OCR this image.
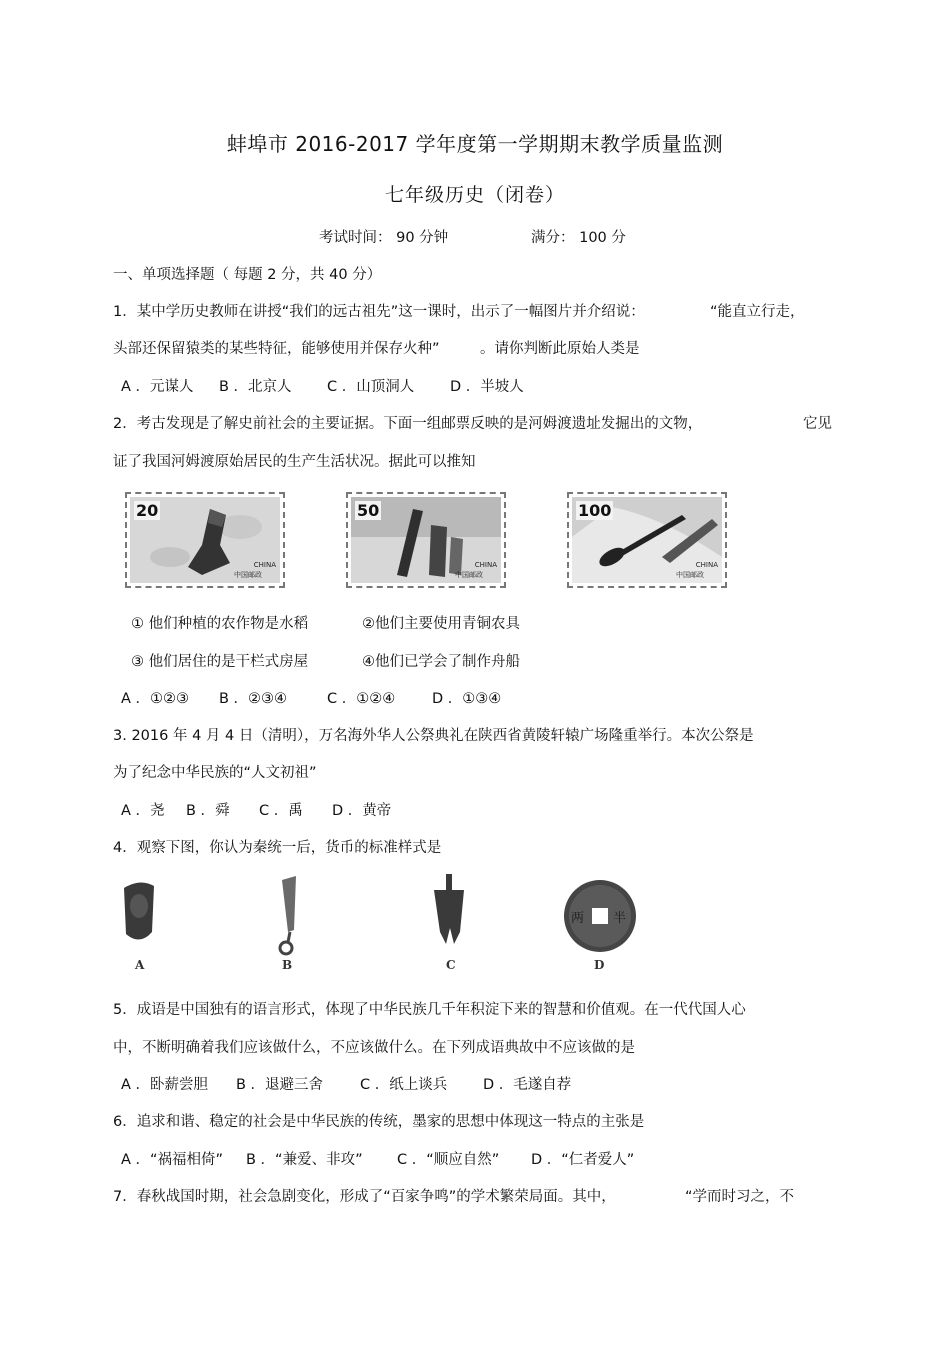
蚌埠市 2016-2017 学年度第一学期期末教学质量监测
七年级历史（闭卷）
考试时间： 90 分钟	满分： 100 分
一、单项选择题（ 每题 2 分，共 40 分）
1．某中学历史教师在讲授“我们的远古祖先”这一课时，出示了一幅图片并介绍说：	“能直立行走，
头部还保留猿类的某些特征，能够使用并保存火种”	。请你判断此原始人类是
A ．元谋人 B ．北京人 C ．山顶洞人 D ．半坡人
2．考古发现是了解史前社会的主要证据。下面一组邮票反映的是河姆渡遗址发掘出的文物，	它见
证了我国河姆渡原始居民的生产生活状况。据此可以推知
20
中国邮政
CHINA
50
中国邮政
CHINA
100
中国邮政
CHINA
① 他们种植的农作物是水稻	②他们主要使用青铜农具
③ 他们居住的是干栏式房屋	④他们已学会了制作舟船
A ．①②③ B ．②③④	C ．①②④	D ．①③④
3. 2016 年 4 月 4 日（清明），万名海外华人公祭典礼在陕西省黄陵轩辕广场隆重举行。本次公祭是
为了纪念中华民族的“人文初祖”
A ．尧 B ．舜 C ．禹 D ．黄帝
4．观察下图，你认为秦统一后，货币的标准样式是
两 半
A	B	C	D
5．成语是中国独有的语言形式，体现了中华民族几千年积淀下来的智慧和价值观。在一代代国人心
中，不断明确着我们应该做什么，不应该做什么。在下列成语典故中不应该做的是
A ．卧薪尝胆 B ．退避三舍	C ．纸上谈兵 D ．毛遂自荐
6．追求和谐、稳定的社会是中华民族的传统，墨家的思想中体现这一特点的主张是
A ．“祸福相倚” B ．“兼爱、非攻” C ．“顺应自然” D ．“仁者爱人”
7．春秋战国时期，社会急剧变化，形成了“百家争鸣”的学术繁荣局面。其中，	“学而时习之，不
